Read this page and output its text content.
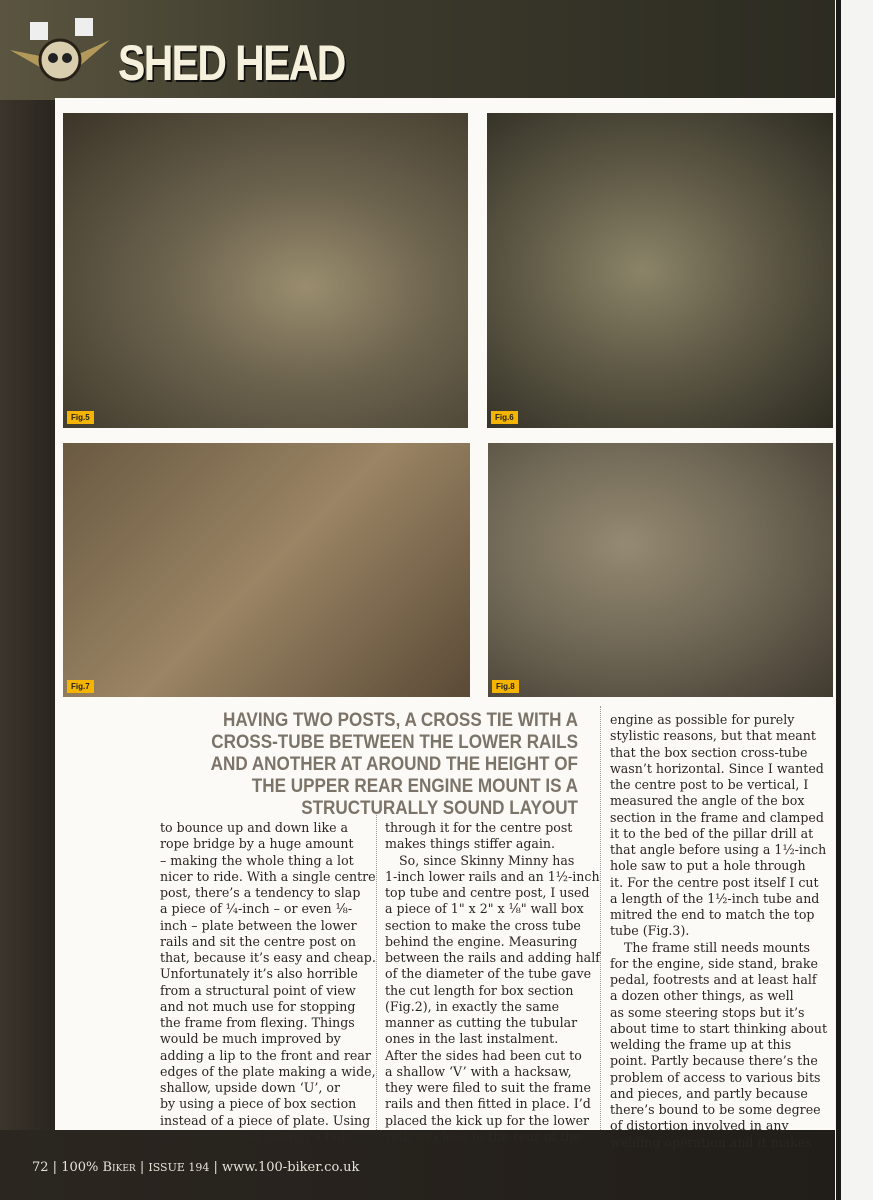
SHED HEAD
Fig.5	Fig.6
Fig.7	Fig.8
HAVING TWO POSTS, A CROSS TIE WITH A CROSS-TUBE BETWEEN THE LOWER RAILS AND ANOTHER AT AROUND THE HEIGHT OF THE UPPER REAR ENGINE MOUNT IS A STRUCTURALLY SOUND LAYOUT
to bounce up and down like a
rope bridge by a huge amount
– making the whole thing a lot
nicer to ride. With a single centre
post, there’s a tendency to slap
a piece of ¼-inch – or even ⅛-
inch – plate between the lower
rails and sit the centre post on
that, because it’s easy and cheap.
Unfortunately it’s also horrible
from a structural point of view
and not much use for stopping
the frame from flexing. Things
would be much improved by
adding a lip to the front and rear
edges of the plate making a wide,
shallow, upside down ‘U’, or
by using a piece of box section
instead of a piece of plate. Using
box section and cutting a hole
through it for the centre post
makes things stiffer again.
So, since Skinny Minny has
1-inch lower rails and an 1½-inch
top tube and centre post, I used
a piece of 1" x 2" x ⅛" wall box
section to make the cross tube
behind the engine. Measuring
between the rails and adding half
of the diameter of the tube gave
the cut length for box section
(Fig.2), in exactly the same
manner as cutting the tubular
ones in the last instalment.
After the sides had been cut to
a shallow ‘V’ with a hacksaw,
they were filed to suit the frame
rails and then fitted in place. I’d
placed the kick up for the lower
rails as close to the rear of the
engine as possible for purely
stylistic reasons, but that meant
that the box section cross-tube
wasn’t horizontal. Since I wanted
the centre post to be vertical, I
measured the angle of the box
section in the frame and clamped
it to the bed of the pillar drill at
that angle before using a 1½-inch
hole saw to put a hole through
it. For the centre post itself I cut
a length of the 1½-inch tube and
mitred the end to match the top
tube (Fig.3).
The frame still needs mounts
for the engine, side stand, brake
pedal, footrests and at least half
a dozen other things, as well
as some steering stops but it’s
about time to start thinking about
welding the frame up at this
point. Partly because there’s the
problem of access to various bits
and pieces, and partly because
there’s bound to be some degree
of distortion involved in any
welding operation and it makes
72 | 100% Biker | ISSUE 194 | www.100-biker.co.uk
